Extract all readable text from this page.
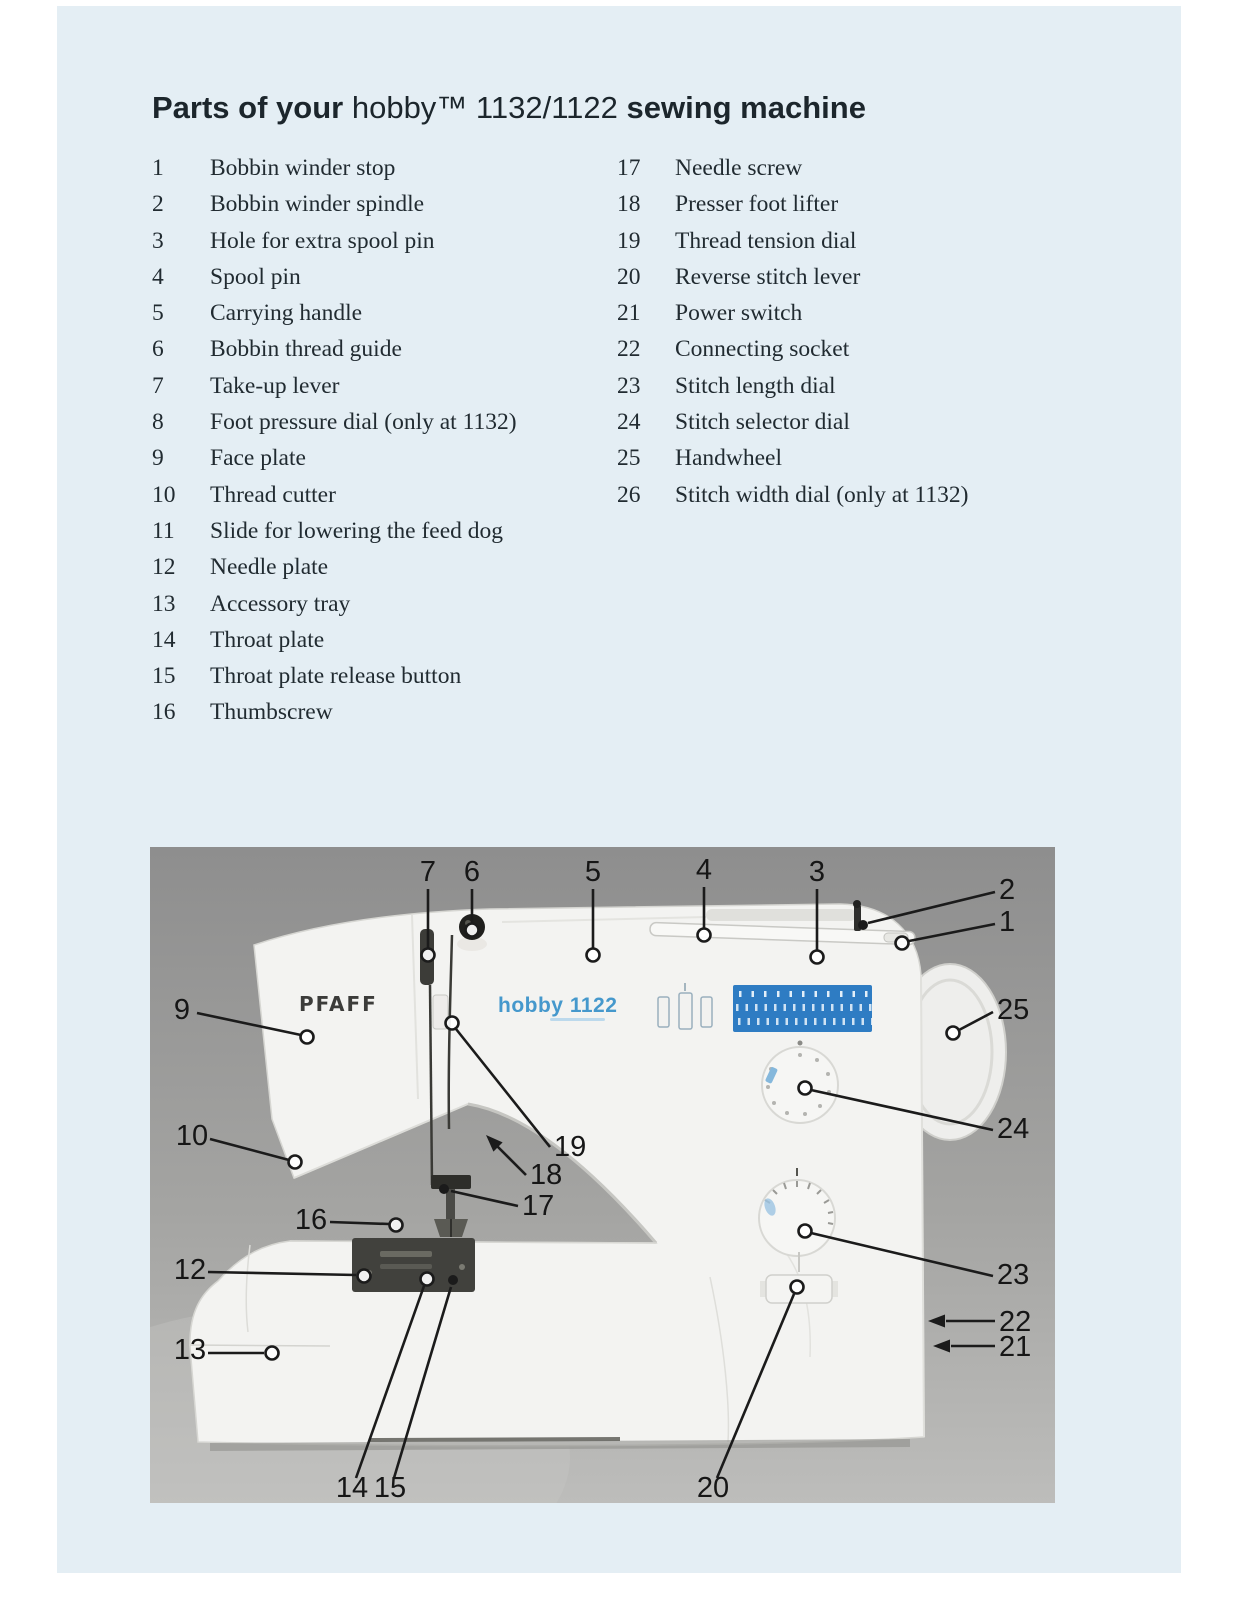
Parts of your hobby™ 1132/1122 sewing machine
1	Bobbin winder stop
2	Bobbin winder spindle
3	Hole for extra spool pin
4	Spool pin
5	Carrying handle
6	Bobbin thread guide
7	Take-up lever
8	Foot pressure dial (only at 1132)
9	Face plate
10	Thread cutter
11	Slide for lowering the feed dog
12	Needle plate
13	Accessory tray
14	Throat plate
15	Throat plate release button
16	Thumbscrew
17	Needle screw
18	Presser foot lifter
19	Thread tension dial
20	Reverse stitch lever
21	Power switch
22	Connecting socket
23	Stitch length dial
24	Stitch selector dial
25	Handwheel
26	Stitch width dial (only at 1132)
PFAFF	hobby 1122
7 6	5	4	3
2
1
25
24
23
22
21
9
10
16
12
13
14 15
17
18
19
20
